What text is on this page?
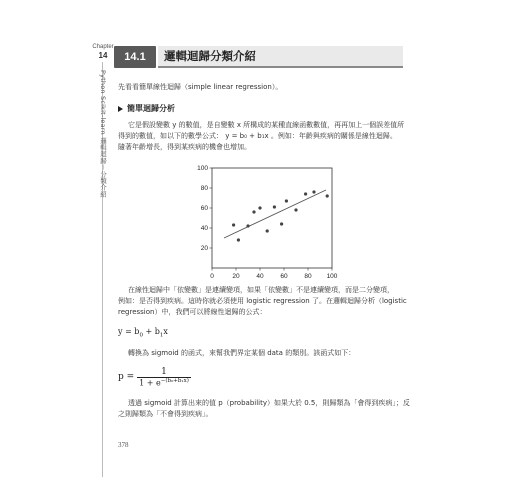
Chapter
14
Python Scikit-learn 邏輯迴歸－分類介紹
14.1	邏輯迴歸分類介紹
先看看簡單線性迴歸（simple linear regression）。
簡單迴歸分析
它是假設變數 y 的數值，是自變數 x 所構成的某種直線函數數值，再再加上一個誤差值所
得到的數值，如以下的數學公式： y = b₀ + b₁x 。例如：年齡與疾病的關係是線性迴歸。
隨著年齡增長，得到某疾病的機會也增加。
0	20	40	60	80 100
20
40
60
80
100
在線性迴歸中「依變數」是連續變項，如果「依變數」不是連續變項，而是二分變項，
例如：是否得到疾病。這時你就必須使用 logistic regression 了。在邏輯迴歸分析（logistic
regression）中，我們可以將線性迴歸的公式：
$y = b_0 + b_1x$
轉換為 sigmoid 的函式，來幫我們界定某個 data 的類別。該函式如下：
$p = \frac{1}{1 + e^{-(b_0+b_1x)}}$
透過 sigmoid 計算出來的值 p（probability）如果大於 0.5，則歸類為「會得到疾病」；反
之則歸類為「不會得到疾病」。
378
